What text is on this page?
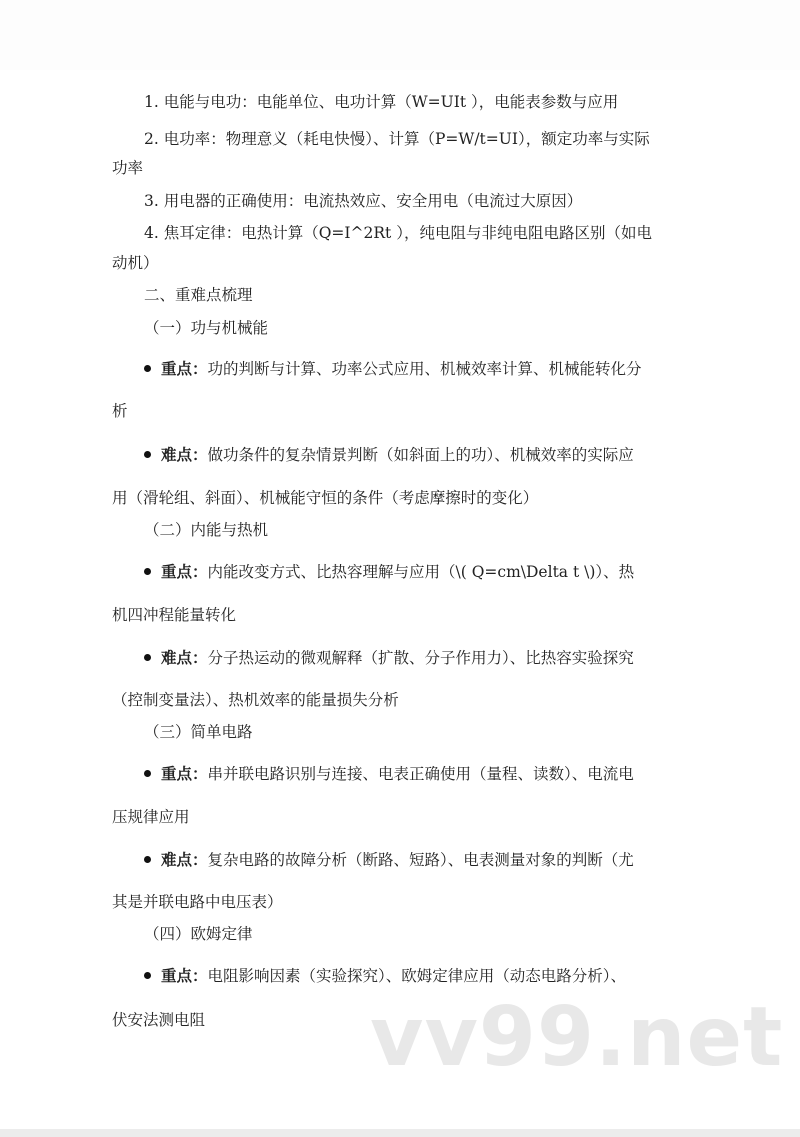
1. 电能与电功：电能单位、电功计算（W=UIt ），电能表参数与应用
2. 电功率：物理意义（耗电快慢）、计算（P=W/t=UI），额定功率与实际
功率
3. 用电器的正确使用：电流热效应、安全用电（电流过大原因）
4. 焦耳定律：电热计算（Q=I^2Rt ），纯电阻与非纯电阻电路区别（如电
动机）
二、重难点梳理
（一）功与机械能
重点：功的判断与计算、功率公式应用、机械效率计算、机械能转化分
析
难点：做功条件的复杂情景判断（如斜面上的功）、机械效率的实际应
用（滑轮组、斜面）、机械能守恒的条件（考虑摩擦时的变化）
（二）内能与热机
重点：内能改变方式、比热容理解与应用（\( Q=cm\Delta t \)）、热
机四冲程能量转化
难点：分子热运动的微观解释（扩散、分子作用力）、比热容实验探究
（控制变量法）、热机效率的能量损失分析
（三）简单电路
重点：串并联电路识别与连接、电表正确使用（量程、读数）、电流电
压规律应用
难点：复杂电路的故障分析（断路、短路）、电表测量对象的判断（尤
其是并联电路中电压表）
（四）欧姆定律
重点：电阻影响因素（实验探究）、欧姆定律应用（动态电路分析）、
伏安法测电阻 vv99.net
